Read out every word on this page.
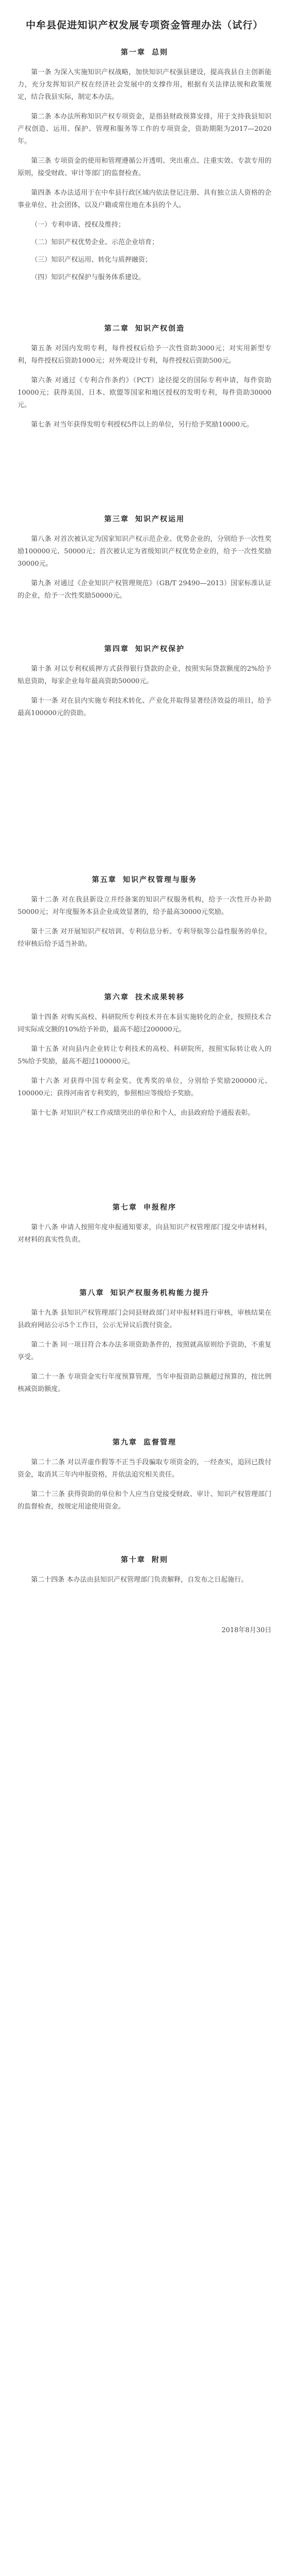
中牟县促进知识产权发展专项资金管理办法（试行）
第一章 总则

第一条 为深入实施知识产权战略，加快知识产权强县建设，提高我县自主创新能力，充分发挥知识产权在经济社会发展中的支撑作用，根据有关法律法规和政策规定，结合我县实际，制定本办法。

第二条 本办法所称知识产权专项资金，是指县财政预算安排，用于支持我县知识产权创造、运用、保护、管理和服务等工作的专项资金，资助期限为2017—2020年。

第三条 专项资金的使用和管理遵循公开透明、突出重点、注重实效、专款专用的原则，接受财政、审计等部门的监督检查。

第四条 本办法适用于在中牟县行政区域内依法登记注册、具有独立法人资格的企事业单位、社会团体，以及户籍或常住地在本县的个人。

（一）专利申请、授权及维持；

（二）知识产权优势企业、示范企业培育；

（三）知识产权运用、转化与质押融资；

（四）知识产权保护与服务体系建设。

第二章 知识产权创造

第五条 对国内发明专利，每件授权后给予一次性资助3000元；对实用新型专利，每件授权后资助1000元；对外观设计专利，每件授权后资助500元。

第六条 对通过《专利合作条约》（PCT）途径提交的国际专利申请，每件资助10000元；获得美国、日本、欧盟等国家和地区授权的发明专利，每件资助30000元。

第七条 对当年获得发明专利授权5件以上的单位，另行给予奖励10000元。

第三章 知识产权运用

第八条 对首次被认定为国家知识产权示范企业、优势企业的，分别给予一次性奖励100000元、50000元；首次被认定为省级知识产权优势企业的，给予一次性奖励30000元。

第九条 对通过《企业知识产权管理规范》（GB/T 29490—2013）国家标准认证的企业，给予一次性奖励50000元。

第四章 知识产权保护

第十条 对以专利权质押方式获得银行贷款的企业，按照实际贷款额度的2%给予贴息资助，每家企业每年最高资助50000元。

第十一条 对在县内实施专利技术转化、产业化并取得显著经济效益的项目，给予最高100000元的资助。

第五章 知识产权管理与服务

第十二条 对在我县新设立并经备案的知识产权服务机构，给予一次性开办补助50000元；对年度服务本县企业成效显著的，给予最高30000元奖励。

第十三条 对开展知识产权培训、专利信息分析、专利导航等公益性服务的单位，经审核后给予适当补助。

第六章 技术成果转移

第十四条 对购买高校、科研院所专利技术并在本县实施转化的企业，按照技术合同实际成交额的10%给予补助，最高不超过200000元。

第十五条 对向县内企业转让专利技术的高校、科研院所，按照实际转让收入的5%给予奖励，最高不超过100000元。

第十六条 对获得中国专利金奖、优秀奖的单位，分别给予奖励200000元、100000元；获得河南省专利奖的，参照相应等级给予奖励。

第十七条 对知识产权工作成绩突出的单位和个人，由县政府给予通报表彰。

第七章 申报程序

第十八条 申请人按照年度申报通知要求，向县知识产权管理部门提交申请材料，对材料的真实性负责。

第八章 知识产权服务机构能力提升

第十九条 县知识产权管理部门会同县财政部门对申报材料进行审核，审核结果在县政府网站公示5个工作日，公示无异议后拨付资金。

第二十条 同一项目符合本办法多项资助条件的，按照就高原则给予资助，不重复享受。

第二十一条 专项资金实行年度预算管理，当年申报资助总额超过预算的，按比例核减资助额度。

第九章 监督管理

第二十二条 对以弄虚作假等不正当手段骗取专项资金的，一经查实，追回已拨付资金，取消其三年内申报资格，并依法追究相关责任。

第二十三条 获得资助的单位和个人应当自觉接受财政、审计、知识产权管理部门的监督检查，按规定用途使用资金。

第十章 附则

第二十四条 本办法由县知识产权管理部门负责解释，自发布之日起施行。

2018年8月30日
